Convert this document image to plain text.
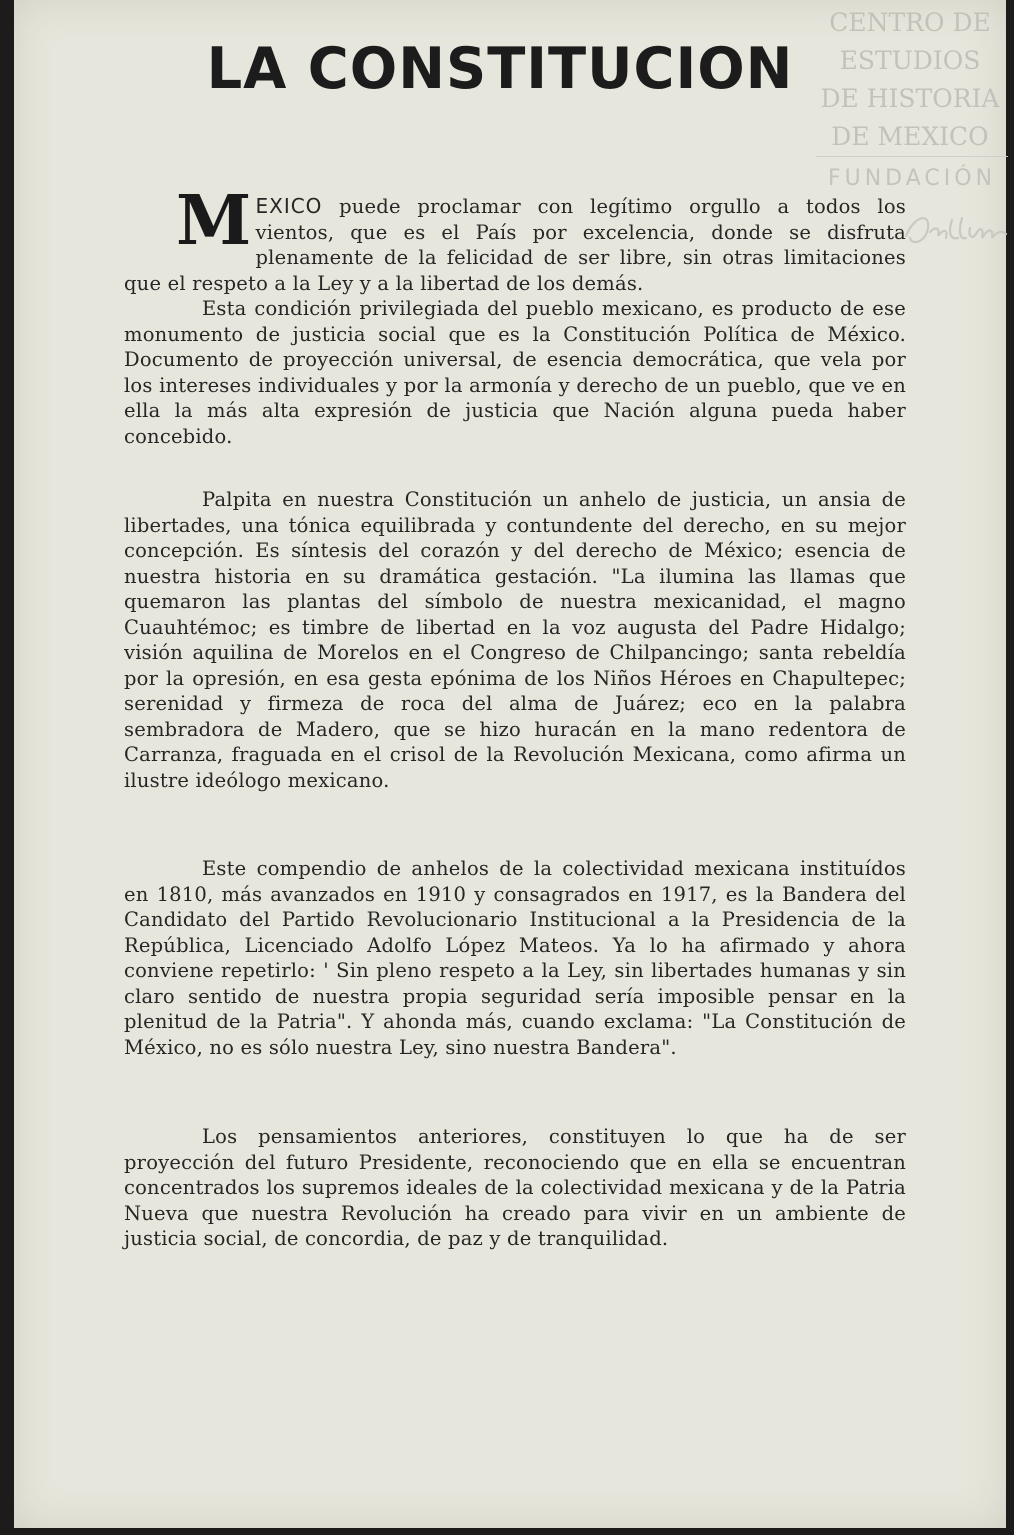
CENTRO DE
ESTUDIOS
DE HISTORIA
DE MEXICO
FUNDACIÓN
LA CONSTITUCION
MEXICO puede proclamar con legítimo orgullo a todos los vientos, que es el País por excelencia, donde se disfruta plenamente de la felicidad de ser libre, sin otras limitaciones que el respeto a la Ley y a la libertad de los demás.
Esta condición privilegiada del pueblo mexicano, es producto de ese monumento de justicia social que es la Constitución Política de México. Documento de proyección universal, de esencia democrática, que vela por los intereses individuales y por la armonía y derecho de un pueblo, que ve en ella la más alta expresión de justicia que Nación alguna pueda haber concebido.
Palpita en nuestra Constitución un anhelo de justicia, un ansia de libertades, una tónica equilibrada y contundente del derecho, en su mejor concepción. Es síntesis del corazón y del derecho de México; esencia de nuestra historia en su dramática gestación. "La ilumina las llamas que quemaron las plantas del símbolo de nuestra mexicanidad, el magno Cuauhtémoc; es timbre de libertad en la voz augusta del Padre Hidalgo; visión aquilina de Morelos en el Congreso de Chilpancingo; santa rebeldía por la opresión, en esa gesta epónima de los Niños Héroes en Chapultepec; serenidad y firmeza de roca del alma de Juárez; eco en la palabra sembradora de Madero, que se hizo huracán en la mano redentora de Carranza, fraguada en el crisol de la Revolución Mexicana, como afirma un ilustre ideólogo mexicano.
Este compendio de anhelos de la colectividad mexicana instituídos en 1810, más avanzados en 1910 y consagrados en 1917, es la Bandera del Candidato del Partido Revolucionario Institucional a la Presidencia de la República, Licenciado Adolfo López Mateos. Ya lo ha afirmado y ahora conviene repetirlo: ' Sin pleno respeto a la Ley, sin libertades humanas y sin claro sentido de nuestra propia seguridad sería imposible pensar en la plenitud de la Patria". Y ahonda más, cuando exclama: "La Constitución de México, no es sólo nuestra Ley, sino nuestra Bandera".
Los pensamientos anteriores, constituyen lo que ha de ser proyección del futuro Presidente, reconociendo que en ella se encuentran concentrados los supremos ideales de la colectividad mexicana y de la Patria Nueva que nuestra Revolución ha creado para vivir en un ambiente de justicia social, de concordia, de paz y de tranquilidad.
